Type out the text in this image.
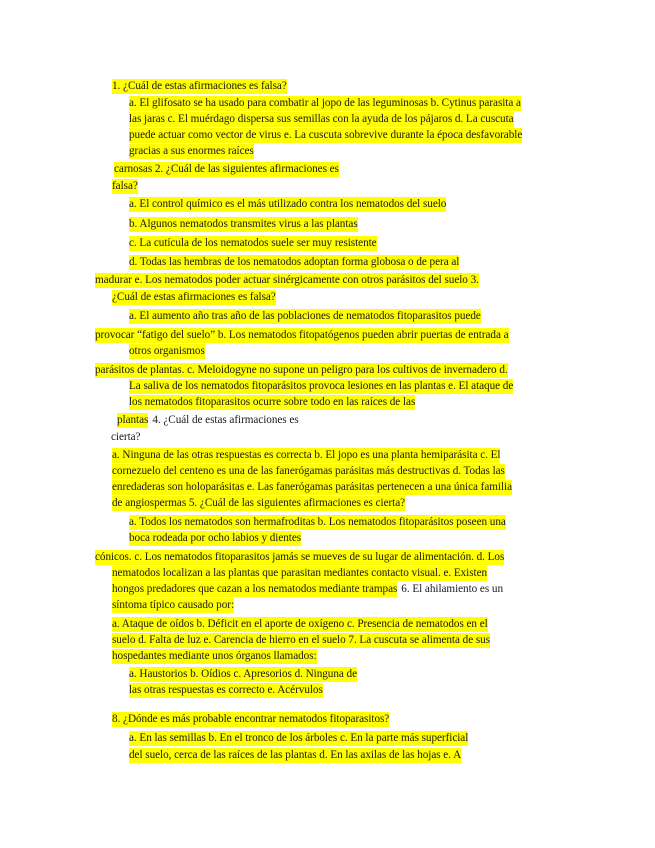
1. ¿Cuál de estas afirmaciones es falsa?
a. El glifosato se ha usado para combatir al jopo de las leguminosas b. Cytinus parasita a
las jaras c. El muérdago dispersa sus semillas con la ayuda de los pájaros d. La cuscuta
puede actuar como vector de virus e. La cuscuta sobrevive durante la época desfavorable
gracias a sus enormes raíces
carnosas 2. ¿Cuál de las siguientes afirmaciones es
falsa?
a. El control químico es el más utilizado contra los nematodos del suelo
b. Algunos nematodos transmites virus a las plantas
c. La cutícula de los nematodos suele ser muy resistente
d. Todas las hembras de los nematodos adoptan forma globosa o de pera al
madurar e. Los nematodos poder actuar sinérgicamente con otros parásitos del suelo 3.
¿Cuál de estas afirmaciones es falsa?
a. El aumento año tras año de las poblaciones de nematodos fitoparasitos puede
provocar “fatigo del suelo” b. Los nematodos fitopatógenos pueden abrir puertas de entrada a
otros organismos
parásitos de plantas. c. Meloidogyne no supone un peligro para los cultivos de invernadero d.
La saliva de los nematodos fitoparásitos provoca lesiones en las plantas e. El ataque de
los nematodos fitoparasitos ocurre sobre todo en las raíces de las
plantas 4. ¿Cuál de estas afirmaciones es
cierta?
a. Ninguna de las otras respuestas es correcta b. El jopo es una planta hemiparásita c. El
cornezuelo del centeno es una de las fanerógamas parásitas más destructivas d. Todas las
enredaderas son holoparásitas e. Las fanerógamas parásitas pertenecen a una única familia
de angiospermas 5. ¿Cuál de las siguientes afirmaciones es cierta?
a. Todos los nematodos son hermafroditas b. Los nematodos fitoparásitos poseen una
boca rodeada por ocho labios y dientes
cónicos. c. Los nematodos fitoparasitos jamás se mueves de su lugar de alimentación. d. Los
nematodos localizan a las plantas que parasitan mediantes contacto visual. e. Existen
hongos predadores que cazan a los nematodos mediante trampas 6. El ahilamiento es un
síntoma típico causado por:
a. Ataque de oídos b. Déficit en el aporte de oxígeno c. Presencia de nematodos en el
suelo d. Falta de luz e. Carencia de hierro en el suelo 7. La cuscuta se alimenta de sus
hospedantes mediante unos órganos llamados:
a. Haustorios b. Oídios c. Apresorios d. Ninguna de
las otras respuestas es correcto e. Acérvulos
8. ¿Dónde es más probable encontrar nematodos fitoparasitos?
a. En las semillas b. En el tronco de los árboles c. En la parte más superficial
del suelo, cerca de las raíces de las plantas d. En las axilas de las hojas e. A
